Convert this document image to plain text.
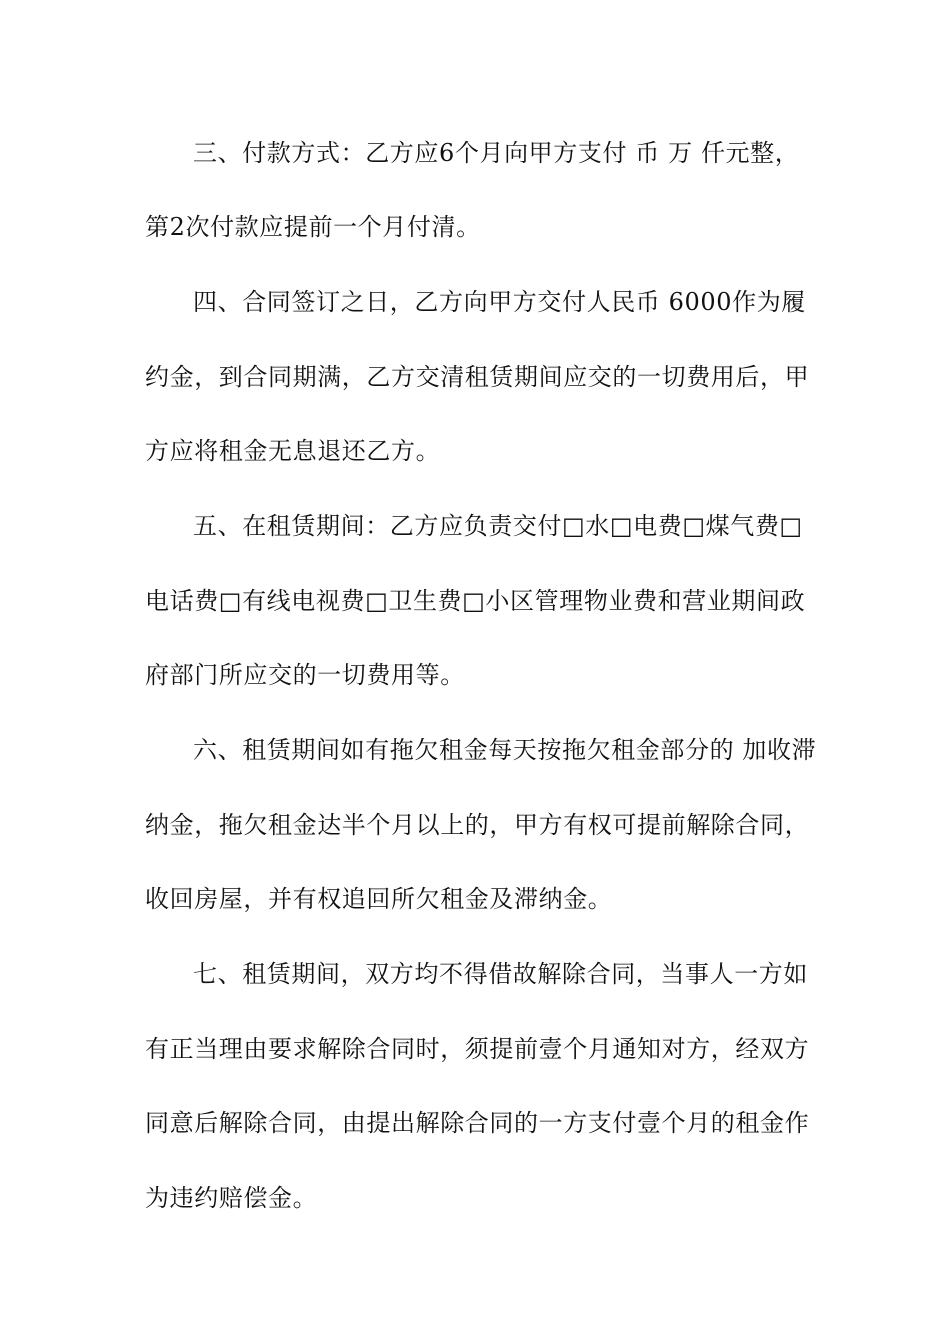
三、付款方式：乙方应6个月向甲方支付 币 万 仟元整，
第2次付款应提前一个月付清。
四、合同签订之日，乙方向甲方交付人民币 6000作为履
约金，到合同期满，乙方交清租赁期间应交的一切费用后，甲
方应将租金无息退还乙方。
五、在租赁期间：乙方应负责交付□水□电费□煤气费□
电话费□有线电视费□卫生费□小区管理物业费和营业期间政
府部门所应交的一切费用等。
六、租赁期间如有拖欠租金每天按拖欠租金部分的 加收滞
纳金，拖欠租金达半个月以上的，甲方有权可提前解除合同，
收回房屋，并有权追回所欠租金及滞纳金。
七、租赁期间，双方均不得借故解除合同，当事人一方如
有正当理由要求解除合同时，须提前壹个月通知对方，经双方
同意后解除合同，由提出解除合同的一方支付壹个月的租金作
为违约赔偿金。
